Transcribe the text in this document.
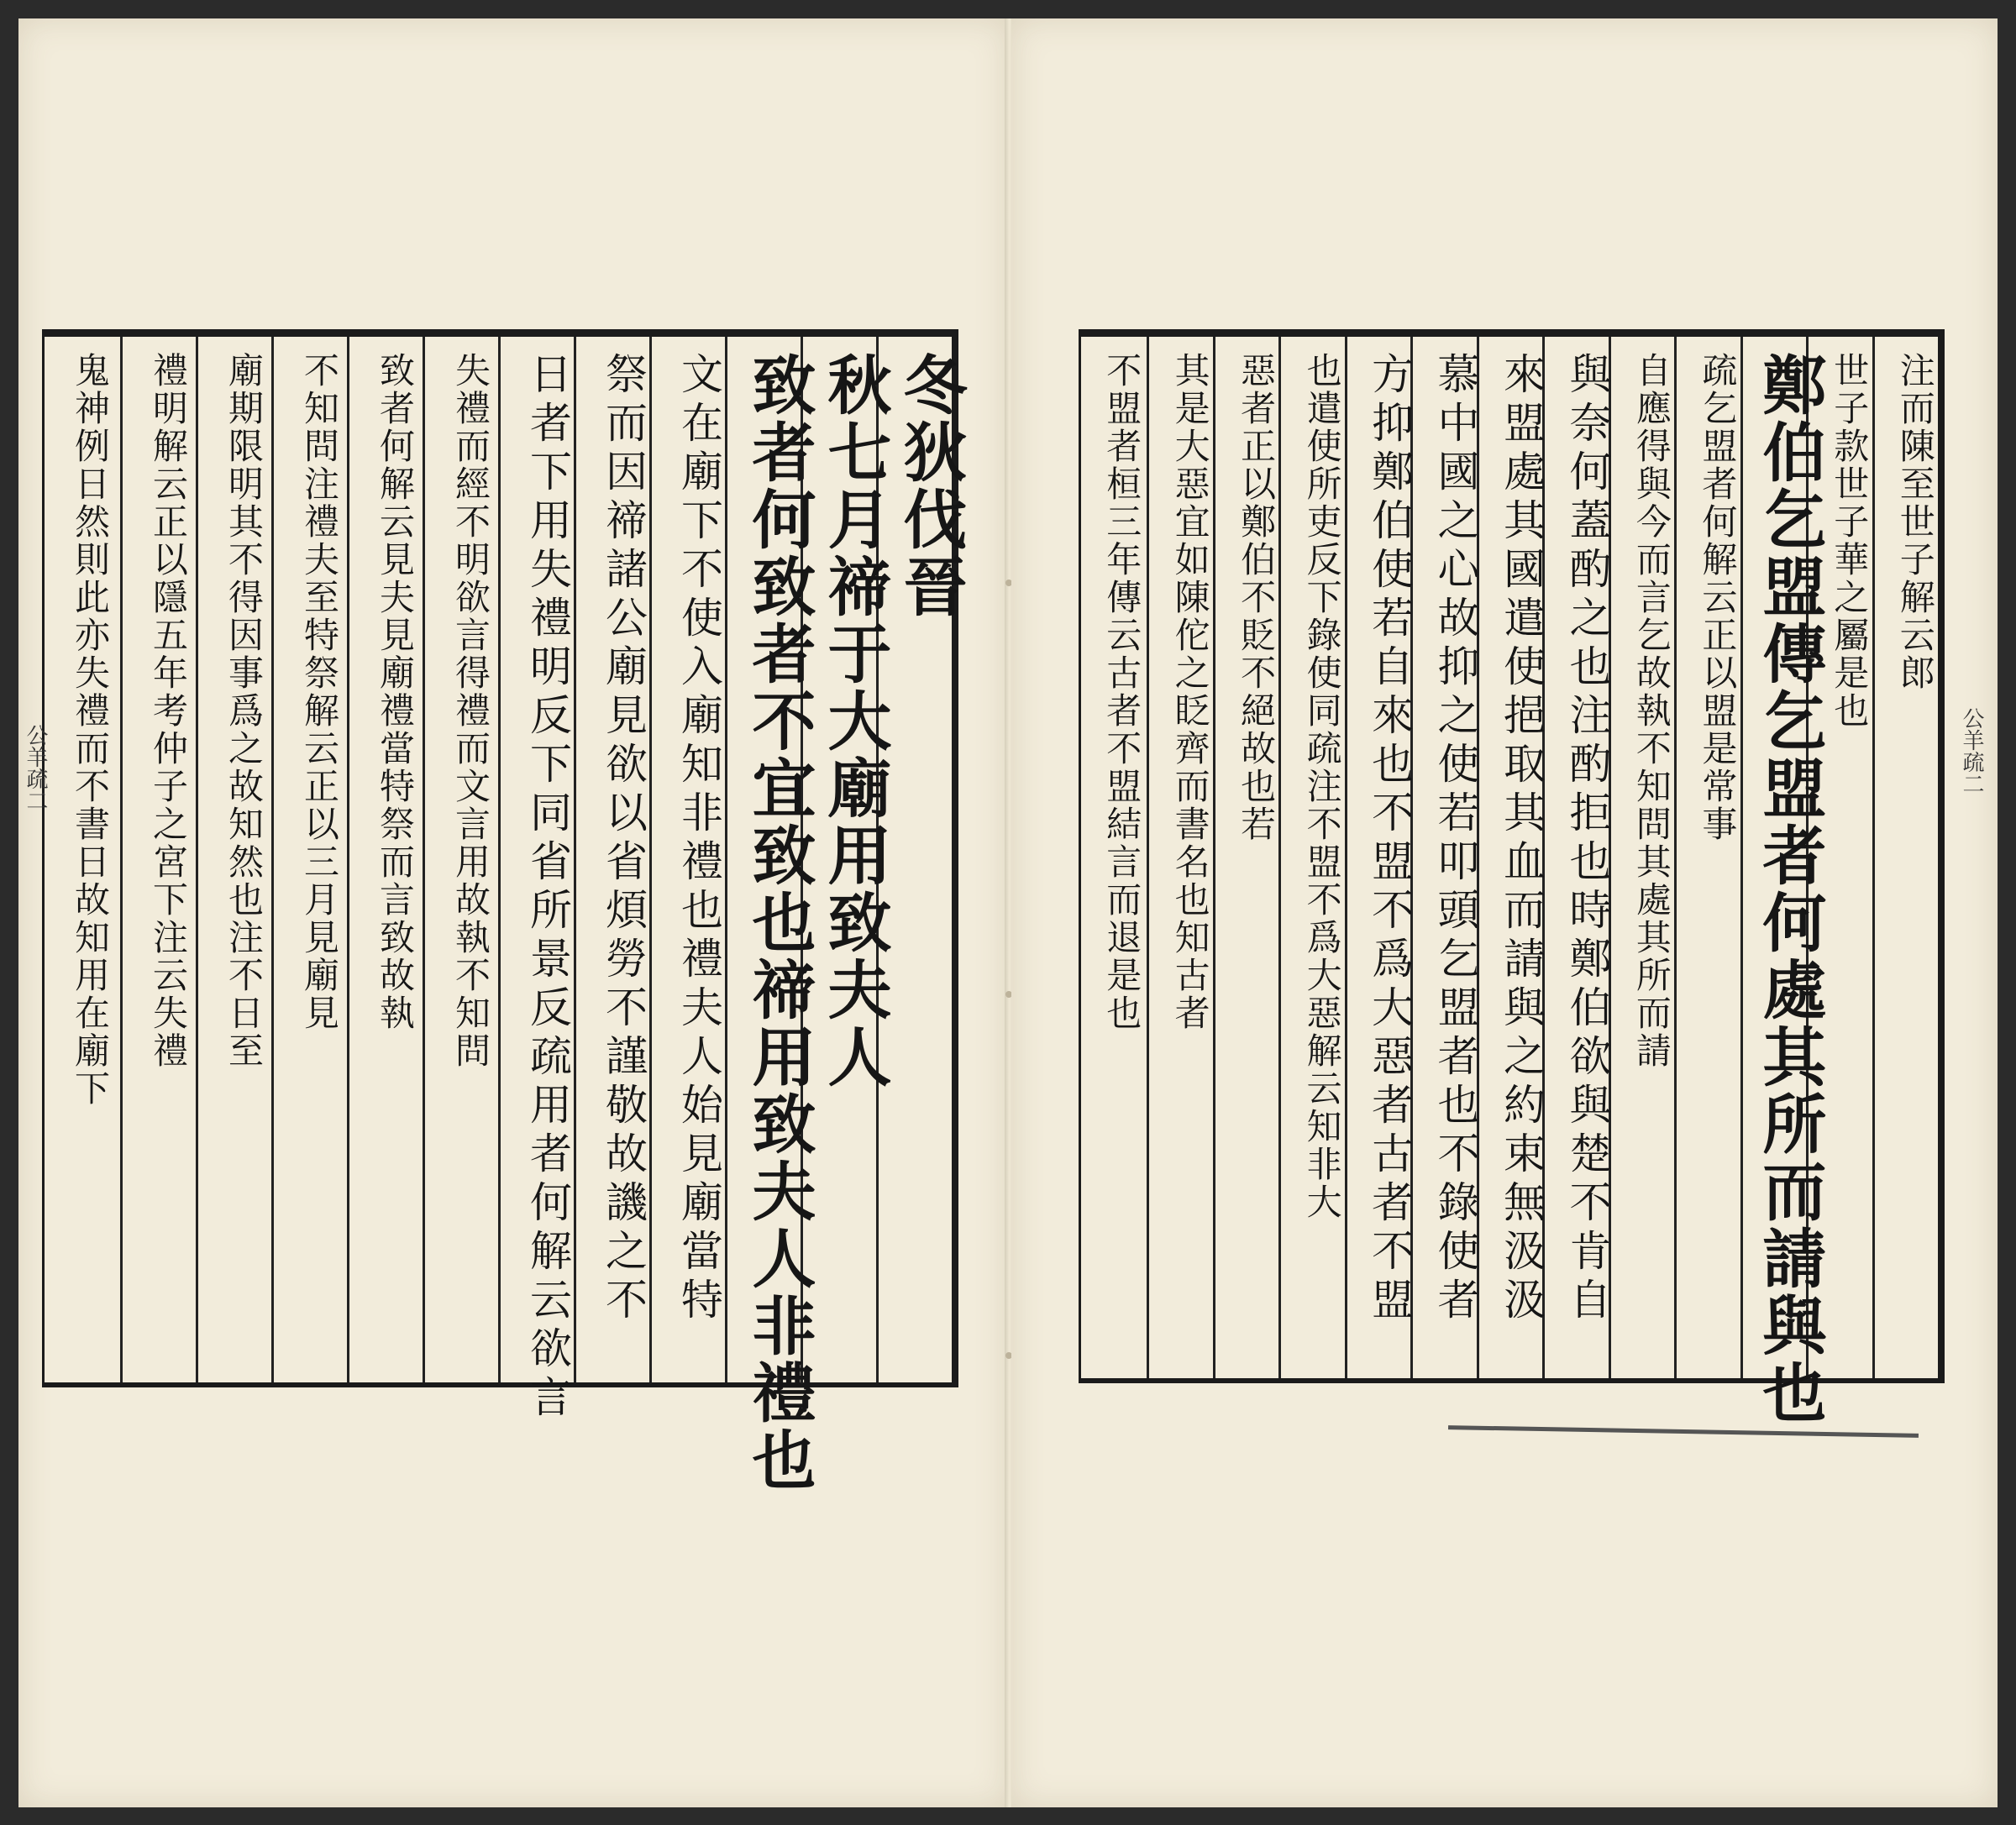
冬狄伐晉
秋七月禘于大廟用致夫人
致者何致者不宜致也禘用致夫人非禮也
文在廟下不使入廟知非禮也禮夫人始見廟當特
祭而因禘諸公廟見欲以省煩勞不謹敬故譏之不
日者下用失禮明反下同省所景反疏用者何解云欲言
失禮而經不明欲言得禮而文言用故執不知問
致者何解云見夫見廟禮當特祭而言致故執
不知問注禮夫至特祭解云正以三月見廟見
廟期限明其不得因事爲之故知然也注不日至
禮明解云正以隱五年考仲子之宮下注云失禮
鬼神例日然則此亦失禮而不書日故知用在廟下
公羊疏二
注而陳至世子解云郎
世子款世子華之屬是也
鄭伯乞盟傳乞盟者何處其所而請與也
疏乞盟者何解云正以盟是常事
自應得與今而言乞故執不知問其處其所而請
與奈何蓋酌之也注酌拒也時鄭伯欲與楚不肯自
來盟處其國遣使挹取其血而請與之約束無汲汲
慕中國之心故抑之使若叩頭乞盟者也不錄使者
方抑鄭伯使若自來也不盟不爲大惡者古者不盟
也遣使所吏反下錄使同疏注不盟不爲大惡解云知非大
惡者正以鄭伯不貶不絕故也若
其是大惡宜如陳佗之眨齊而書名也知古者
不盟者桓三年傳云古者不盟結言而退是也	公羊疏二
